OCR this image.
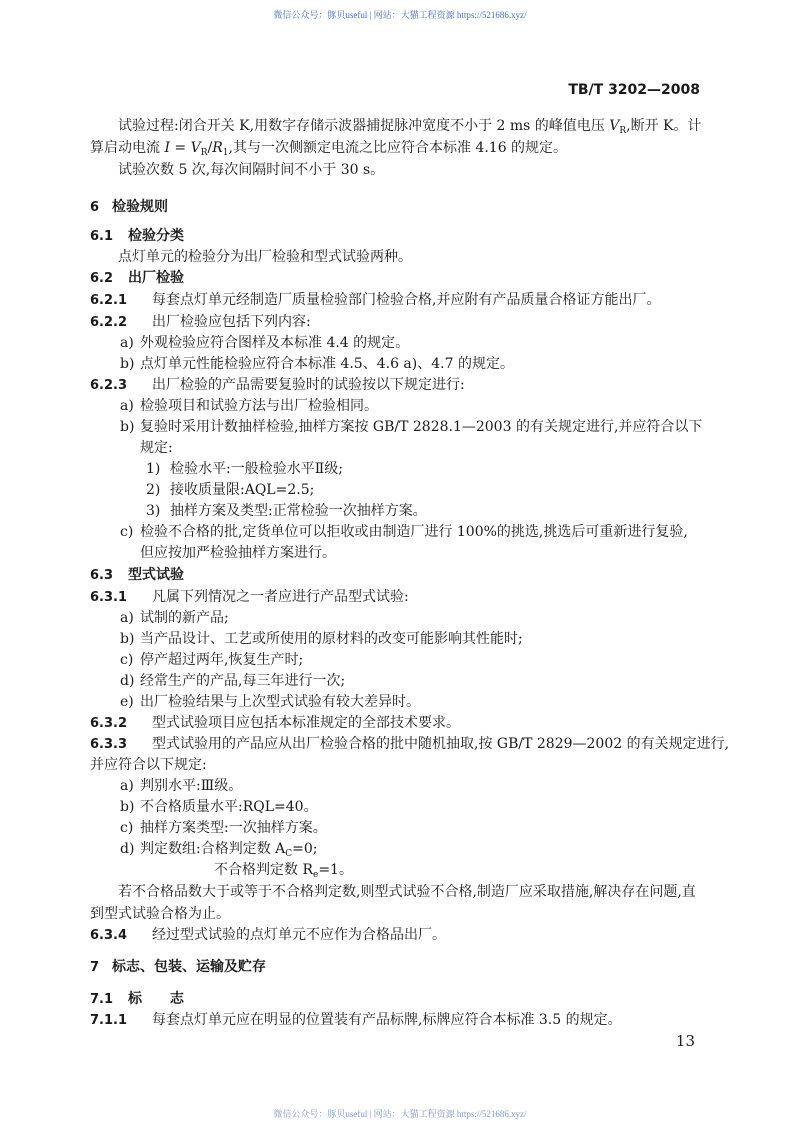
微信公众号：豚贝useful | 网站：大猫工程资源 https://521686.xyz/
TB/T 3202—2008
试验过程:闭合开关 K,用数字存储示波器捕捉脉冲宽度不小于 2 ms 的峰值电压 $V_R$,断开 K。计
算启动电流 $I = V_R/R_1$,其与一次侧额定电流之比应符合本标准 4.16 的规定。
试验次数 5 次,每次间隔时间不小于 30 s。
6 检验规则
6.1 检验分类
点灯单元的检验分为出厂检验和型式试验两种。
6.2 出厂检验
6.2.1 每套点灯单元经制造厂质量检验部门检验合格,并应附有产品质量合格证方能出厂。
6.2.2 出厂检验应包括下列内容:
a) 外观检验应符合图样及本标准 4.4 的规定。
b) 点灯单元性能检验应符合本标准 4.5、4.6 a)、4.7 的规定。
6.2.3 出厂检验的产品需要复验时的试验按以下规定进行:
a) 检验项目和试验方法与出厂检验相同。
b) 复验时采用计数抽样检验,抽样方案按 GB/T 2828.1—2003 的有关规定进行,并应符合以下
规定:
1) 检验水平:一般检验水平Ⅱ级;
2) 接收质量限:AQL=2.5;
3) 抽样方案及类型:正常检验一次抽样方案。
c) 检验不合格的批,定货单位可以拒收或由制造厂进行 100%的挑选,挑选后可重新进行复验,
但应按加严检验抽样方案进行。
6.3 型式试验
6.3.1 凡属下列情况之一者应进行产品型式试验:
a) 试制的新产品;
b) 当产品设计、工艺或所使用的原材料的改变可能影响其性能时;
c) 停产超过两年,恢复生产时;
d) 经常生产的产品,每三年进行一次;
e) 出厂检验结果与上次型式试验有较大差异时。
6.3.2 型式试验项目应包括本标准规定的全部技术要求。
6.3.3 型式试验用的产品应从出厂检验合格的批中随机抽取,按 GB/T 2829—2002 的有关规定进行,
并应符合以下规定:
a) 判别水平:Ⅲ级。
b) 不合格质量水平:RQL=40。
c) 抽样方案类型:一次抽样方案。
d) 判定数组:合格判定数 $A_C=0$;
不合格判定数 $R_e=1$。
若不合格品数大于或等于不合格判定数,则型式试验不合格,制造厂应采取措施,解决存在问题,直
到型式试验合格为止。
6.3.4 经过型式试验的点灯单元不应作为合格品出厂。
7 标志、包装、运输及贮存
7.1 标　　志
7.1.1 每套点灯单元应在明显的位置装有产品标牌,标牌应符合本标准 3.5 的规定。
13
微信公众号：豚贝useful | 网站：大猫工程资源 https://521686.xyz/
